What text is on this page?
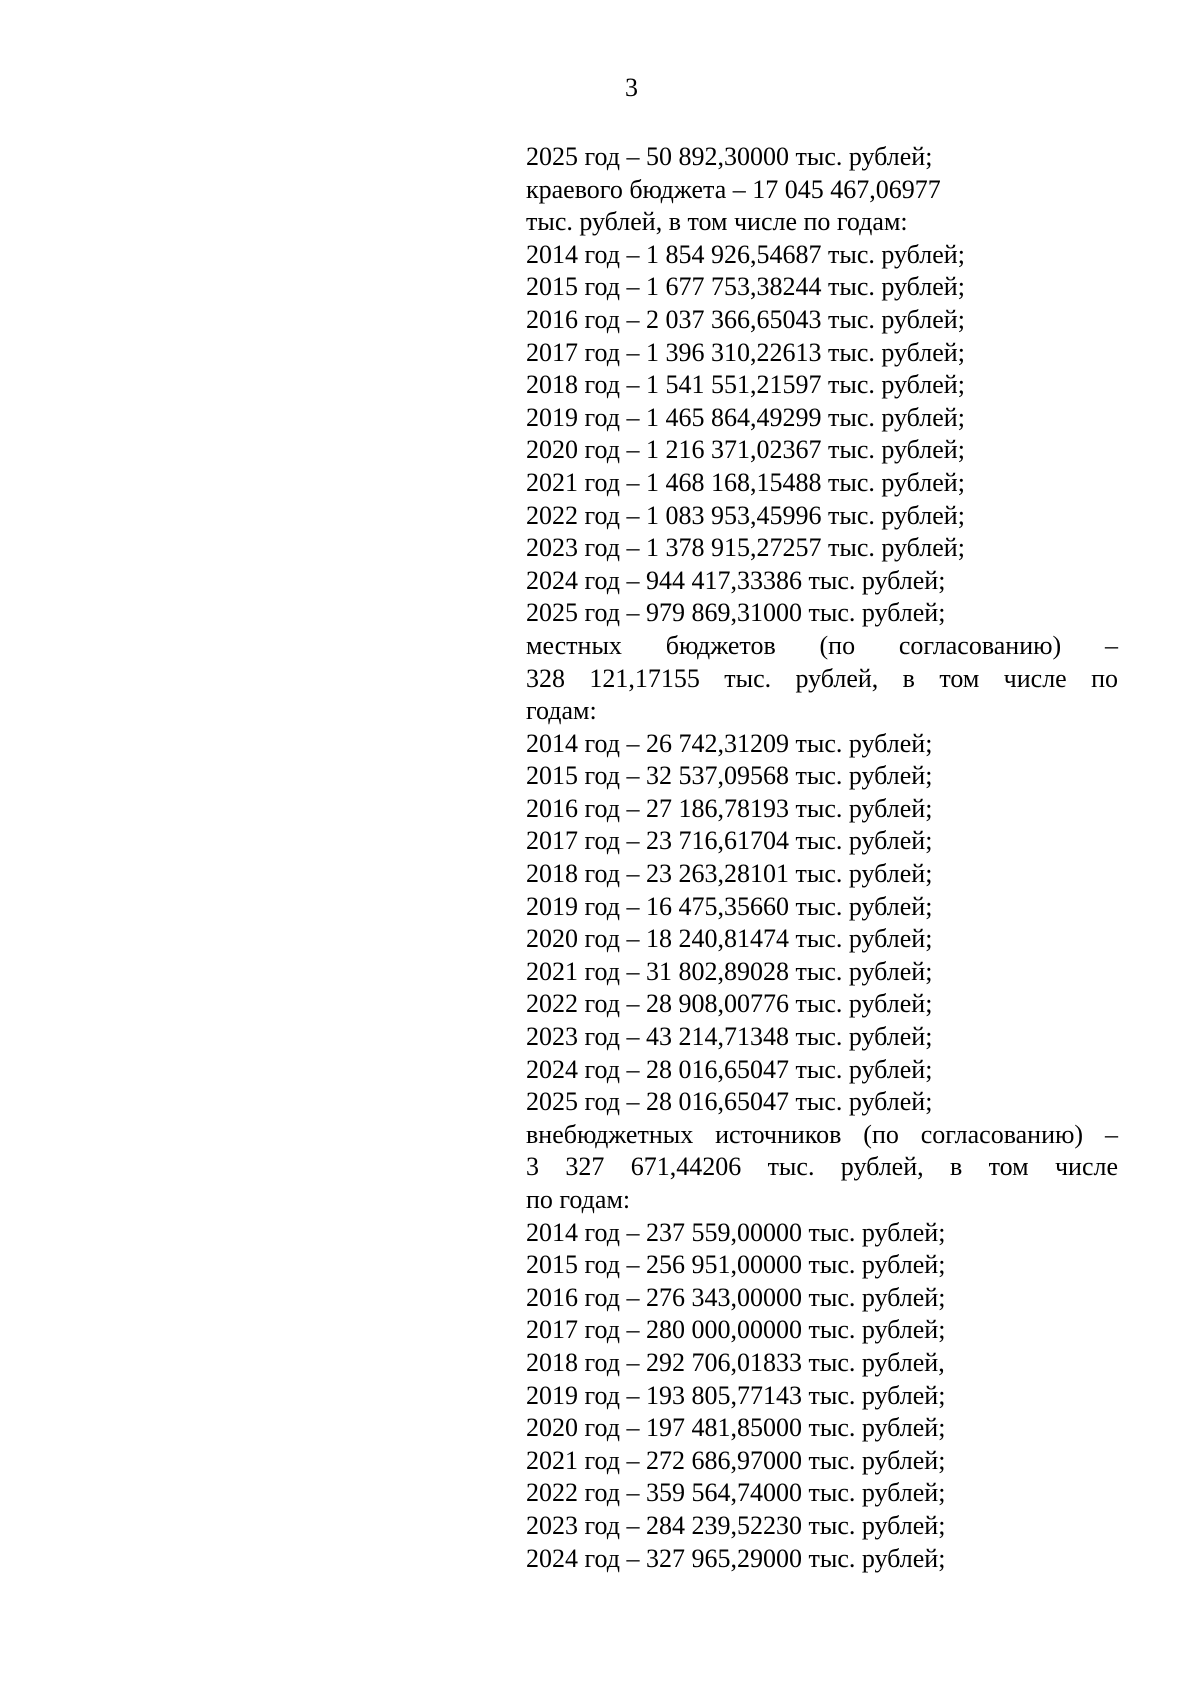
3
2025 год – 50 892,30000 тыс. рублей;
краевого бюджета – 17 045 467,06977
тыс. рублей, в том числе по годам:
2014 год – 1 854 926,54687 тыс. рублей;
2015 год – 1 677 753,38244 тыс. рублей;
2016 год – 2 037 366,65043 тыс. рублей;
2017 год – 1 396 310,22613 тыс. рублей;
2018 год – 1 541 551,21597 тыс. рублей;
2019 год – 1 465 864,49299 тыс. рублей;
2020 год – 1 216 371,02367 тыс. рублей;
2021 год – 1 468 168,15488 тыс. рублей;
2022 год – 1 083 953,45996 тыс. рублей;
2023 год – 1 378 915,27257 тыс. рублей;
2024 год – 944 417,33386 тыс. рублей;
2025 год – 979 869,31000 тыс. рублей;
местных бюджетов (по согласованию) –
328 121,17155 тыс. рублей, в том числе по
годам:
2014 год – 26 742,31209 тыс. рублей;
2015 год – 32 537,09568 тыс. рублей;
2016 год – 27 186,78193 тыс. рублей;
2017 год – 23 716,61704 тыс. рублей;
2018 год – 23 263,28101 тыс. рублей;
2019 год – 16 475,35660 тыс. рублей;
2020 год – 18 240,81474 тыс. рублей;
2021 год – 31 802,89028 тыс. рублей;
2022 год – 28 908,00776 тыс. рублей;
2023 год – 43 214,71348 тыс. рублей;
2024 год – 28 016,65047 тыс. рублей;
2025 год – 28 016,65047 тыс. рублей;
внебюджетных источников (по согласованию) –
3 327 671,44206 тыс. рублей, в том числе
по годам:
2014 год – 237 559,00000 тыс. рублей;
2015 год – 256 951,00000 тыс. рублей;
2016 год – 276 343,00000 тыс. рублей;
2017 год – 280 000,00000 тыс. рублей;
2018 год – 292 706,01833 тыс. рублей,
2019 год – 193 805,77143 тыс. рублей;
2020 год – 197 481,85000 тыс. рублей;
2021 год – 272 686,97000 тыс. рублей;
2022 год – 359 564,74000 тыс. рублей;
2023 год – 284 239,52230 тыс. рублей;
2024 год – 327 965,29000 тыс. рублей;
